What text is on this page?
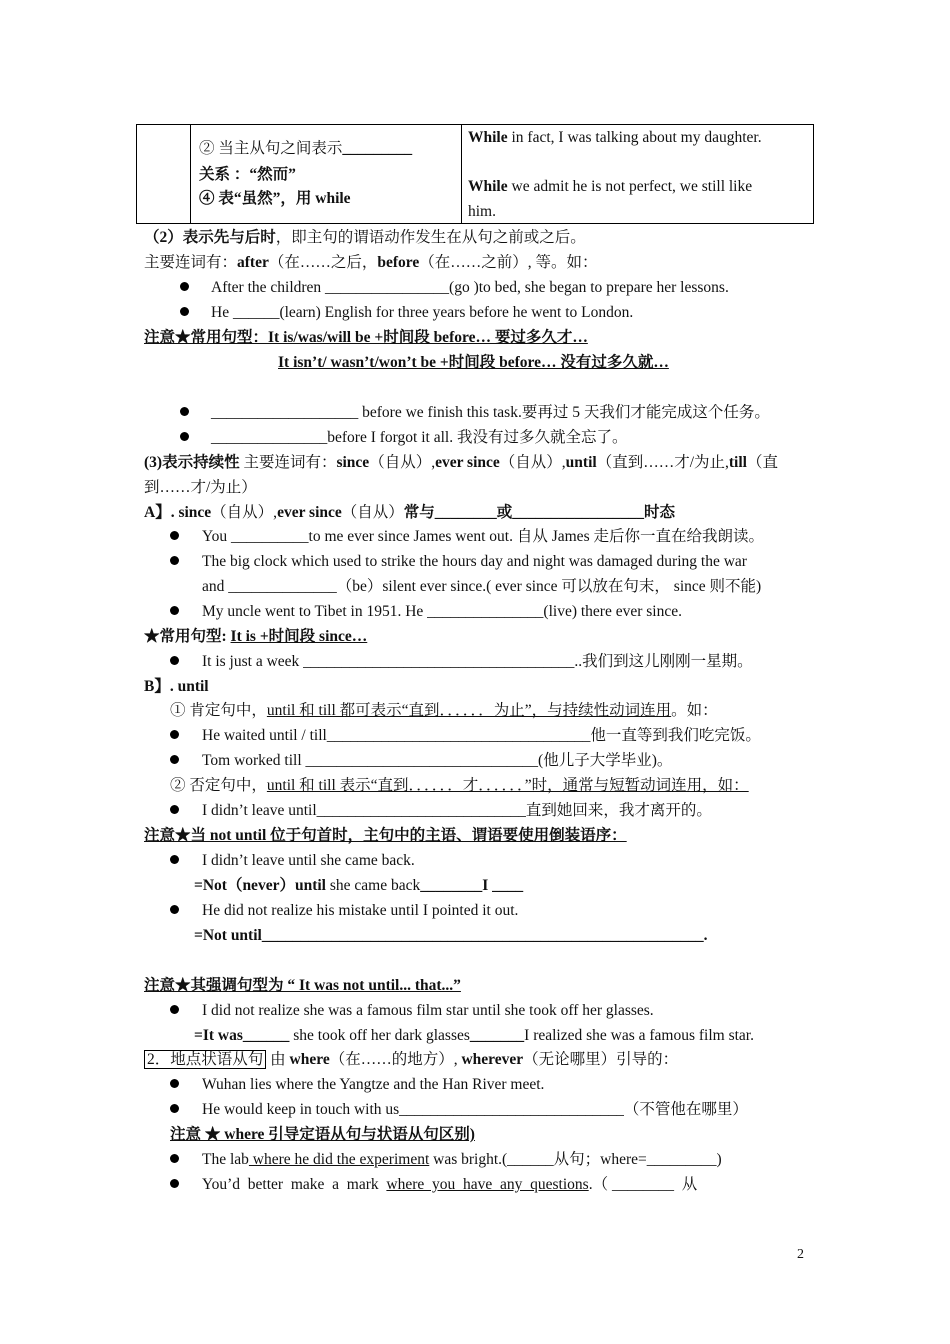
② 当主从句之间表示_________
关系 ：“然而”
④ 表“虽然”，用 while
While in fact, I was talking about my daughter.
While we admit he is not perfect, we still like
him.
（2）表示先与后时，即主句的谓语动作发生在从句之前或之后。
主要连词有：after（在……之后，before（在……之前）, 等。如：
After the children ________________(go )to bed, she began to prepare her lessons.
He ______(learn) English for three years before he went to London.
注意★常用句型：It is/was/will be +时间段 before… 要过多久才…
It isn’t/ wasn’t/won’t be +时间段 before… 没有过多久就…
___________________ before we finish this task.要再过 5 天我们才能完成这个任务。
_______________before I forgot it all. 我没有过多久就全忘了。
(3)表示持续性 主要连词有：since（自从）,ever since（自从）,until（直到……才/为止,till（直
到……才/为止）
A】. since（自从）,ever since（自从）常与________或_________________时态
You __________to me ever since James went out. 自从 James 走后你一直在给我朗读。
The big clock which used to strike the hours day and night was damaged during the war
and ______________（be）silent ever since.( ever since 可以放在句末， since 则不能)
My uncle went to Tibet in 1951. He _______________(live) there ever since.
★常用句型: It is +时间段 since…
It is just a week ___________________________________..我们到这儿刚刚一星期。
B】. until
① 肯定句中，until 和 till 都可表示“直到．．．．．．为止”，与持续性动词连用。如：
He waited until / till__________________________________他一直等到我们吃完饭。
Tom worked till ______________________________(他儿子大学毕业)。
② 否定句中，until 和 till 表示“直到．．．．．．才．．．．．．”时，通常与短暂动词连用，如：
I didn’t leave until___________________________直到她回来，我才离开的。
注意★当 not until 位于句首时，主句中的主语、谓语要使用倒装语序：
I didn’t leave until she came back.
=Not（never）until she came back________I ____
He did not realize his mistake until I pointed it out.
=Not until_________________________________________________________.
注意★其强调句型为 “ It was not until... that...”
I did not realize she was a famous film star until she took off her glasses.
=It was______ she took off her dark glasses_______I realized she was a famous film star.
2．地点状语从句 由 where（在……的地方）, wherever（无论哪里）引导的：
Wuhan lies where the Yangtze and the Han River meet.
He would keep in touch with us_____________________________（不管他在哪里）
注意 ★ where 引导定语从句与状语从句区别)
The lab where he did the experiment was bright.(______从句；where=_________)
You’d  better  make  a  mark  where  you  have  any  questions.（ ________  从
2
